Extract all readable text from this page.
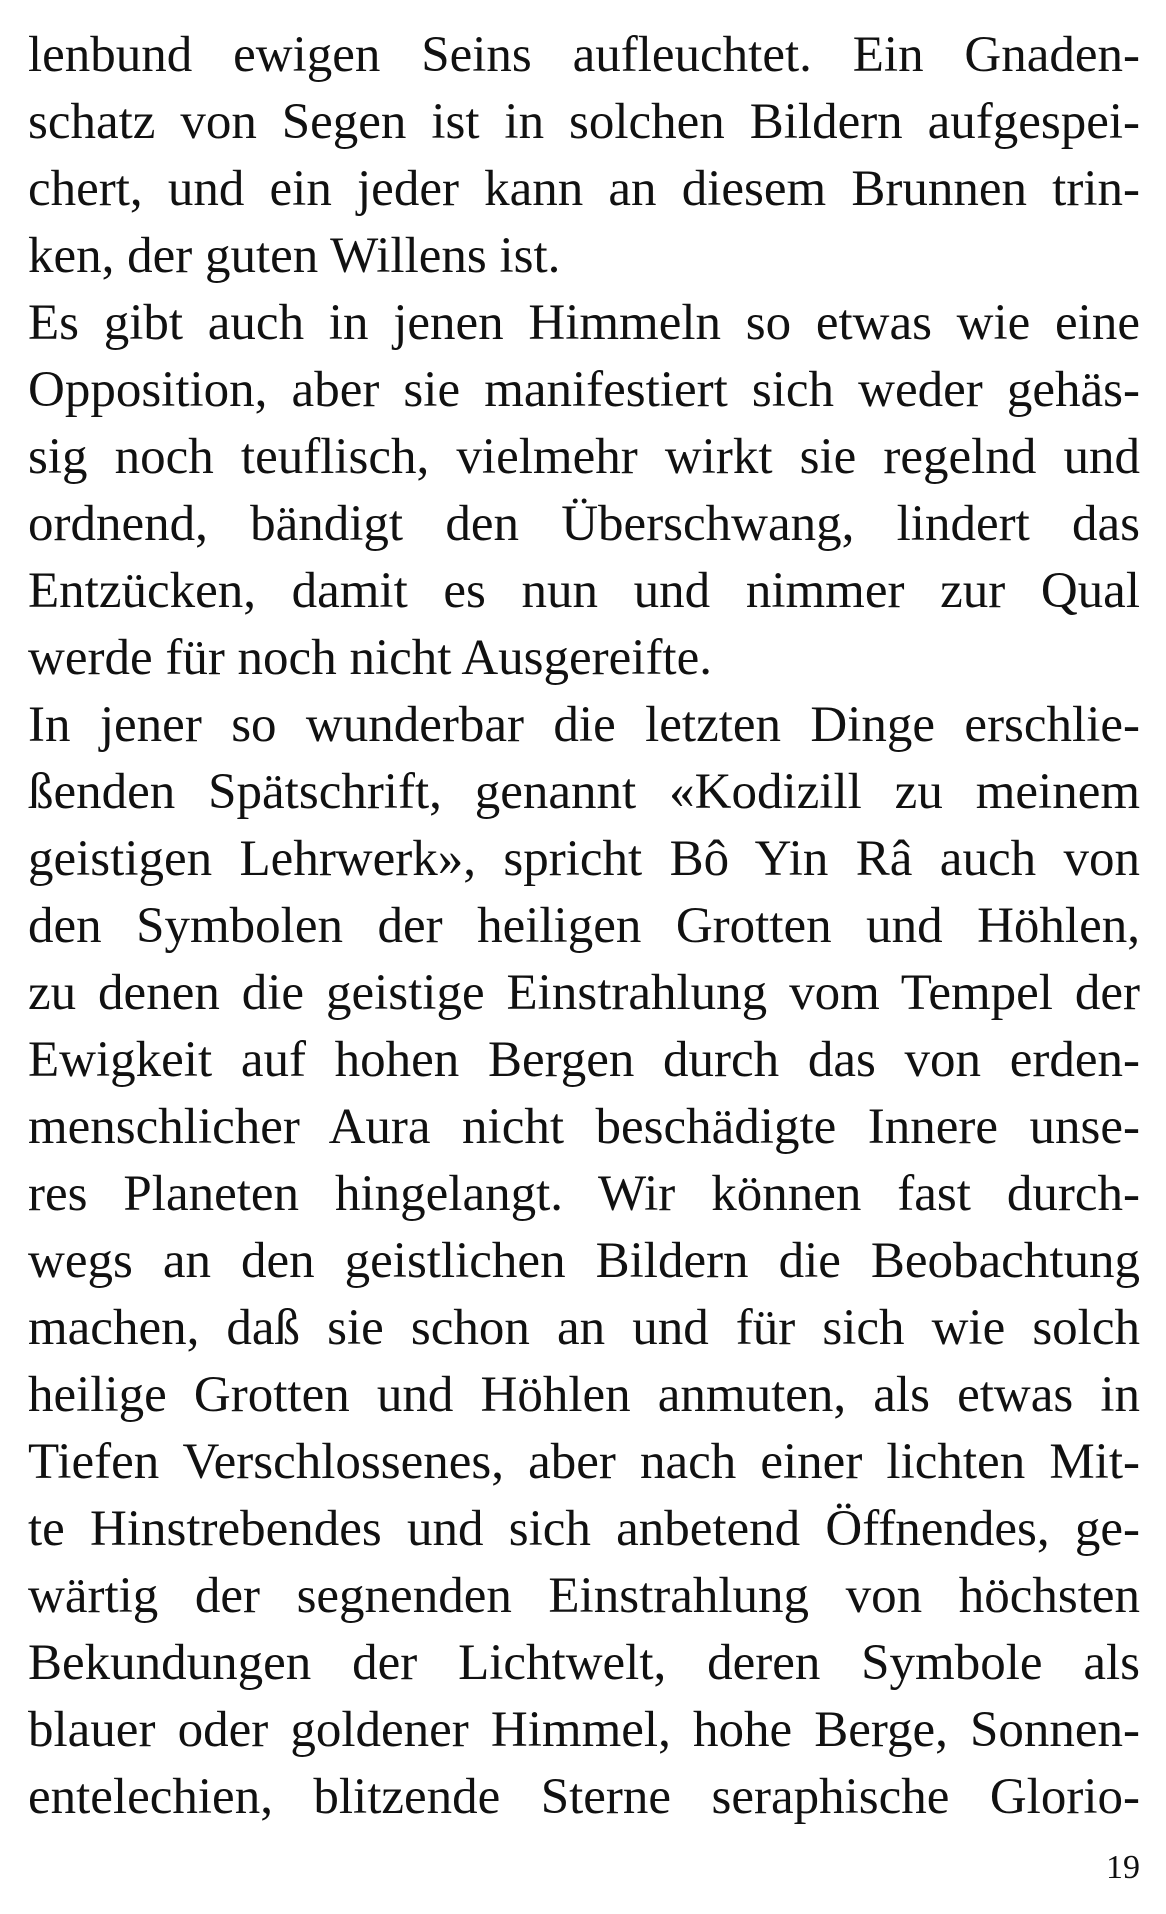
lenbund ewigen Seins aufleuchtet. Ein Gnaden-
schatz von Segen ist in solchen Bildern aufgespei-
chert, und ein jeder kann an diesem Brunnen trin-
ken, der guten Willens ist.
Es gibt auch in jenen Himmeln so etwas wie eine
Opposition, aber sie manifestiert sich weder gehäs-
sig noch teuflisch, vielmehr wirkt sie regelnd und
ordnend, bändigt den Überschwang, lindert das
Entzücken, damit es nun und nimmer zur Qual
werde für noch nicht Ausgereifte.
In jener so wunderbar die letzten Dinge erschlie-
ßenden Spätschrift, genannt «Kodizill zu meinem
geistigen Lehrwerk», spricht Bô Yin Râ auch von
den Symbolen der heiligen Grotten und Höhlen,
zu denen die geistige Einstrahlung vom Tempel der
Ewigkeit auf hohen Bergen durch das von erden-
menschlicher Aura nicht beschädigte Innere unse-
res Planeten hingelangt. Wir können fast durch-
wegs an den geistlichen Bildern die Beobachtung
machen, daß sie schon an und für sich wie solch
heilige Grotten und Höhlen anmuten, als etwas in
Tiefen Verschlossenes, aber nach einer lichten Mit-
te Hinstrebendes und sich anbetend Öffnendes, ge-
wärtig der segnenden Einstrahlung von höchsten
Bekundungen der Lichtwelt, deren Symbole als
blauer oder goldener Himmel, hohe Berge, Sonnen-
entelechien, blitzende Sterne seraphische Glorio-
19
